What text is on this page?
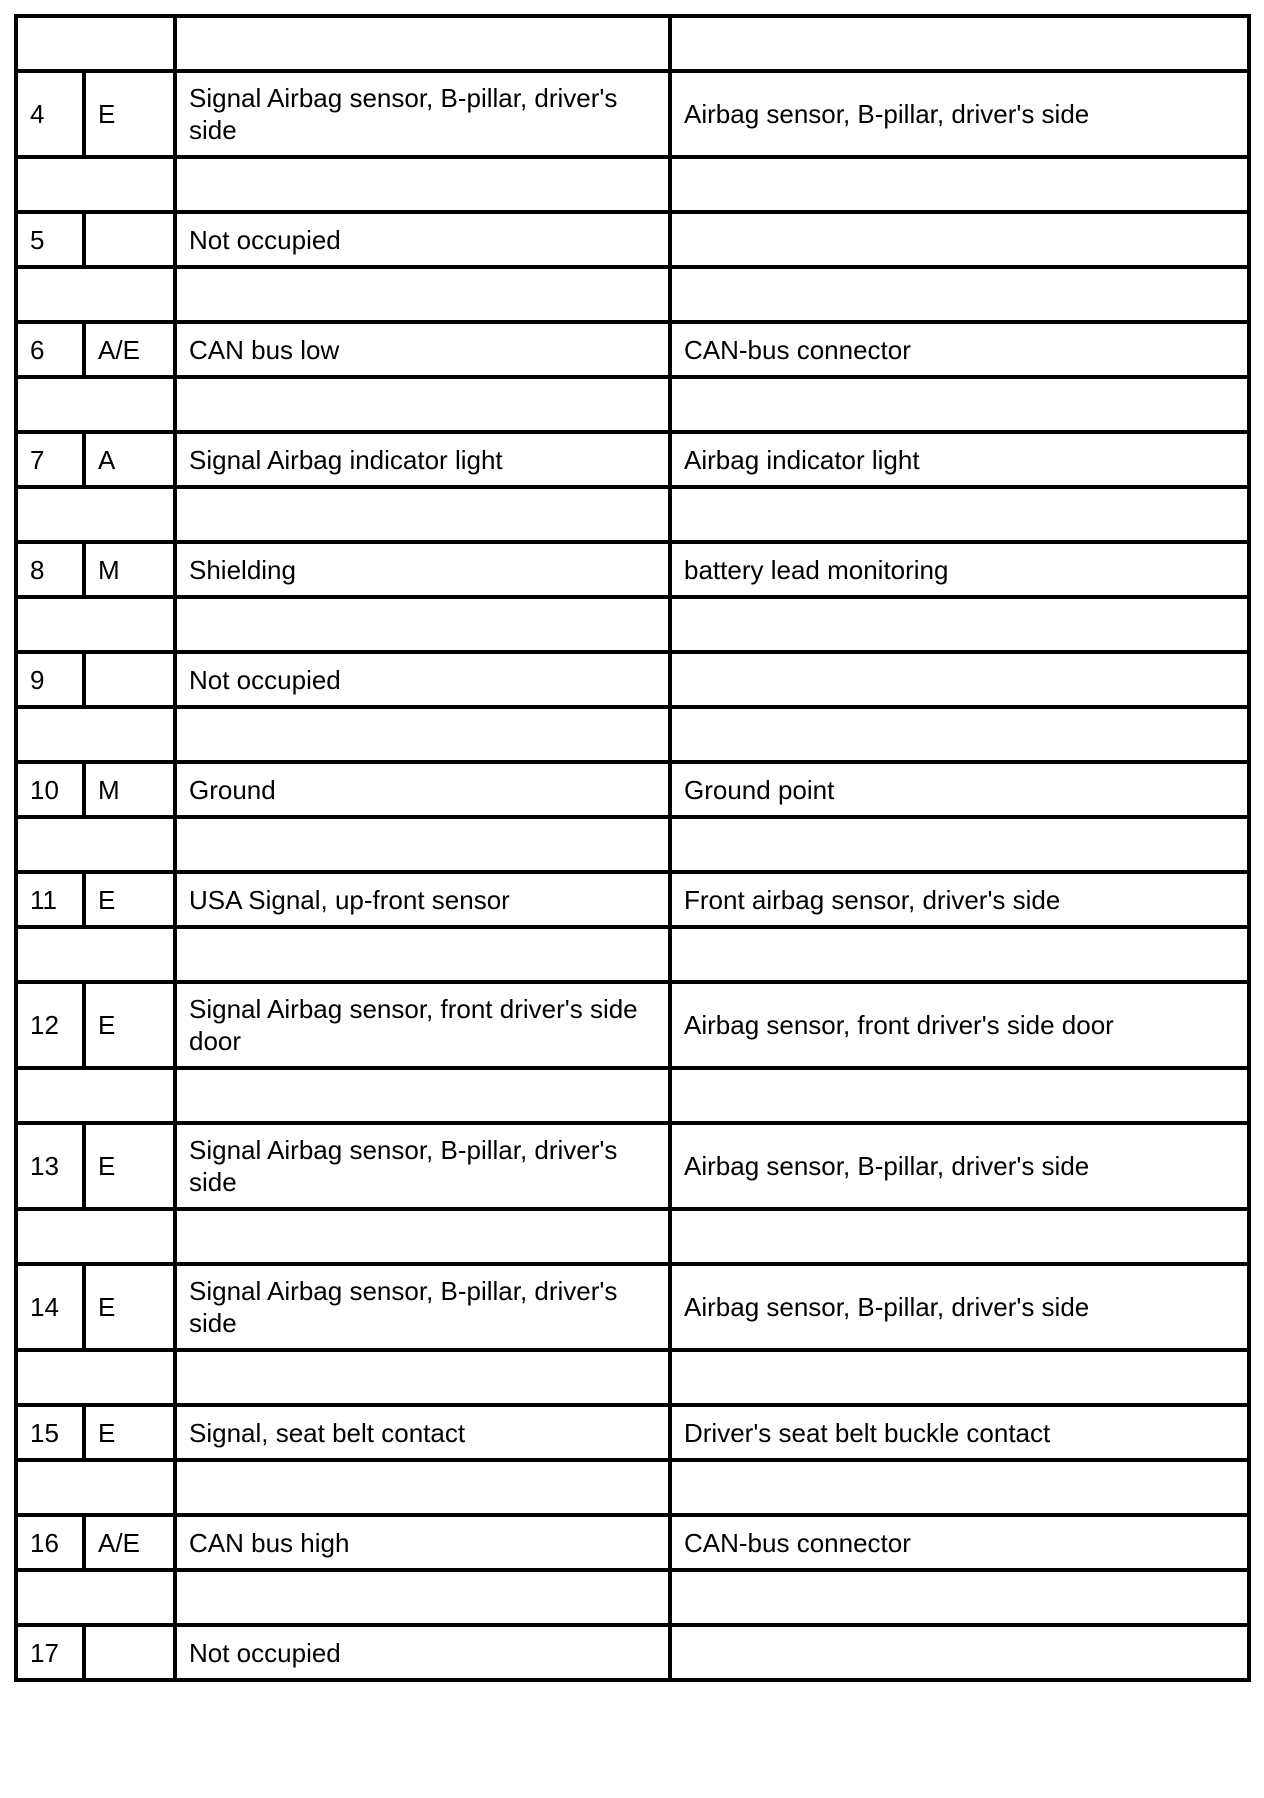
4	E	Signal Airbag sensor, B-pillar, driver's side	Airbag sensor, B-pillar, driver's side

5		Not occupied	

6	A/E	CAN bus low	CAN-bus connector

7	A	Signal Airbag indicator light	Airbag indicator light

8	M	Shielding	battery lead monitoring

9		Not occupied	

10	M	Ground	Ground point

11	E	USA Signal, up-front sensor	Front airbag sensor, driver's side

12	E	Signal Airbag sensor, front driver's side door	Airbag sensor, front driver's side door

13	E	Signal Airbag sensor, B-pillar, driver's side	Airbag sensor, B-pillar, driver's side

14	E	Signal Airbag sensor, B-pillar, driver's side	Airbag sensor, B-pillar, driver's side

15	E	Signal, seat belt contact	Driver's seat belt buckle contact

16	A/E	CAN bus high	CAN-bus connector

17		Not occupied	
